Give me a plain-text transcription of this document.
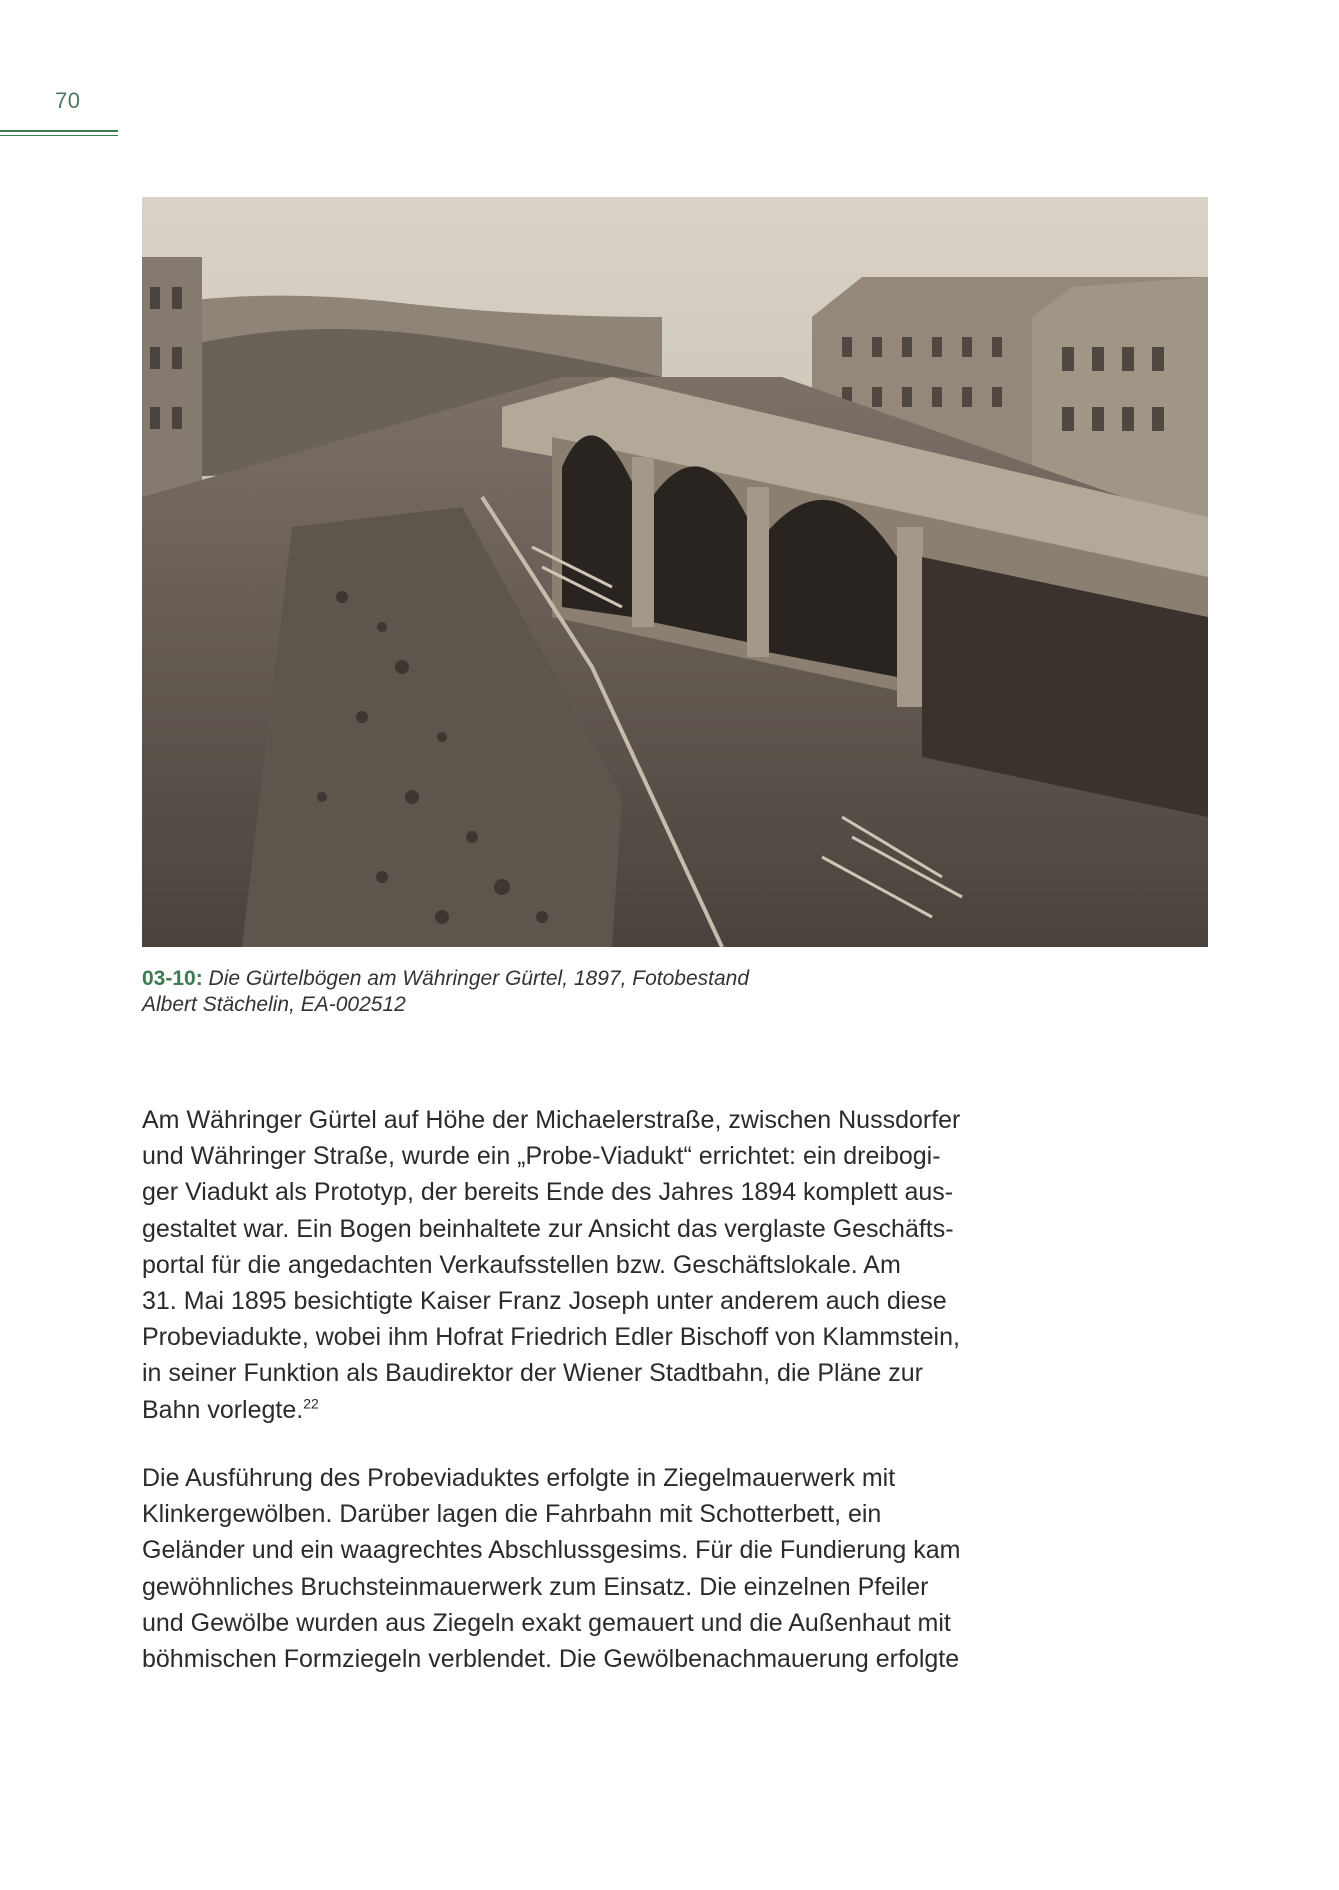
70
03-10: Die Gürtelbögen am Währinger Gürtel, 1897, Fotobestand
Albert Stächelin, EA-002512

Am Währinger Gürtel auf Höhe der Michaelerstraße, zwischen Nussdorfer
und Währinger Straße, wurde ein „Probe-Viadukt“ errichtet: ein dreibogi-
ger Viadukt als Prototyp, der bereits Ende des Jahres 1894 komplett aus-
gestaltet war. Ein Bogen beinhaltete zur Ansicht das verglaste Geschäfts-
portal für die angedachten Verkaufsstellen bzw. Geschäftslokale. Am
31. Mai 1895 besichtigte Kaiser Franz Joseph unter anderem auch diese
Probeviadukte, wobei ihm Hofrat Friedrich Edler Bischoff von Klammstein,
in seiner Funktion als Baudirektor der Wiener Stadtbahn, die Pläne zur
Bahn vorlegte.$^{22}$

Die Ausführung des Probeviaduktes erfolgte in Ziegelmauerwerk mit
Klinkergewölben. Darüber lagen die Fahrbahn mit Schotterbett, ein
Geländer und ein waagrechtes Abschlussgesims. Für die Fundierung kam
gewöhnliches Bruchsteinmauerwerk zum Einsatz. Die einzelnen Pfeiler
und Gewölbe wurden aus Ziegeln exakt gemauert und die Außenhaut mit
böhmischen Formziegeln verblendet. Die Gewölbenachmauerung erfolgte
